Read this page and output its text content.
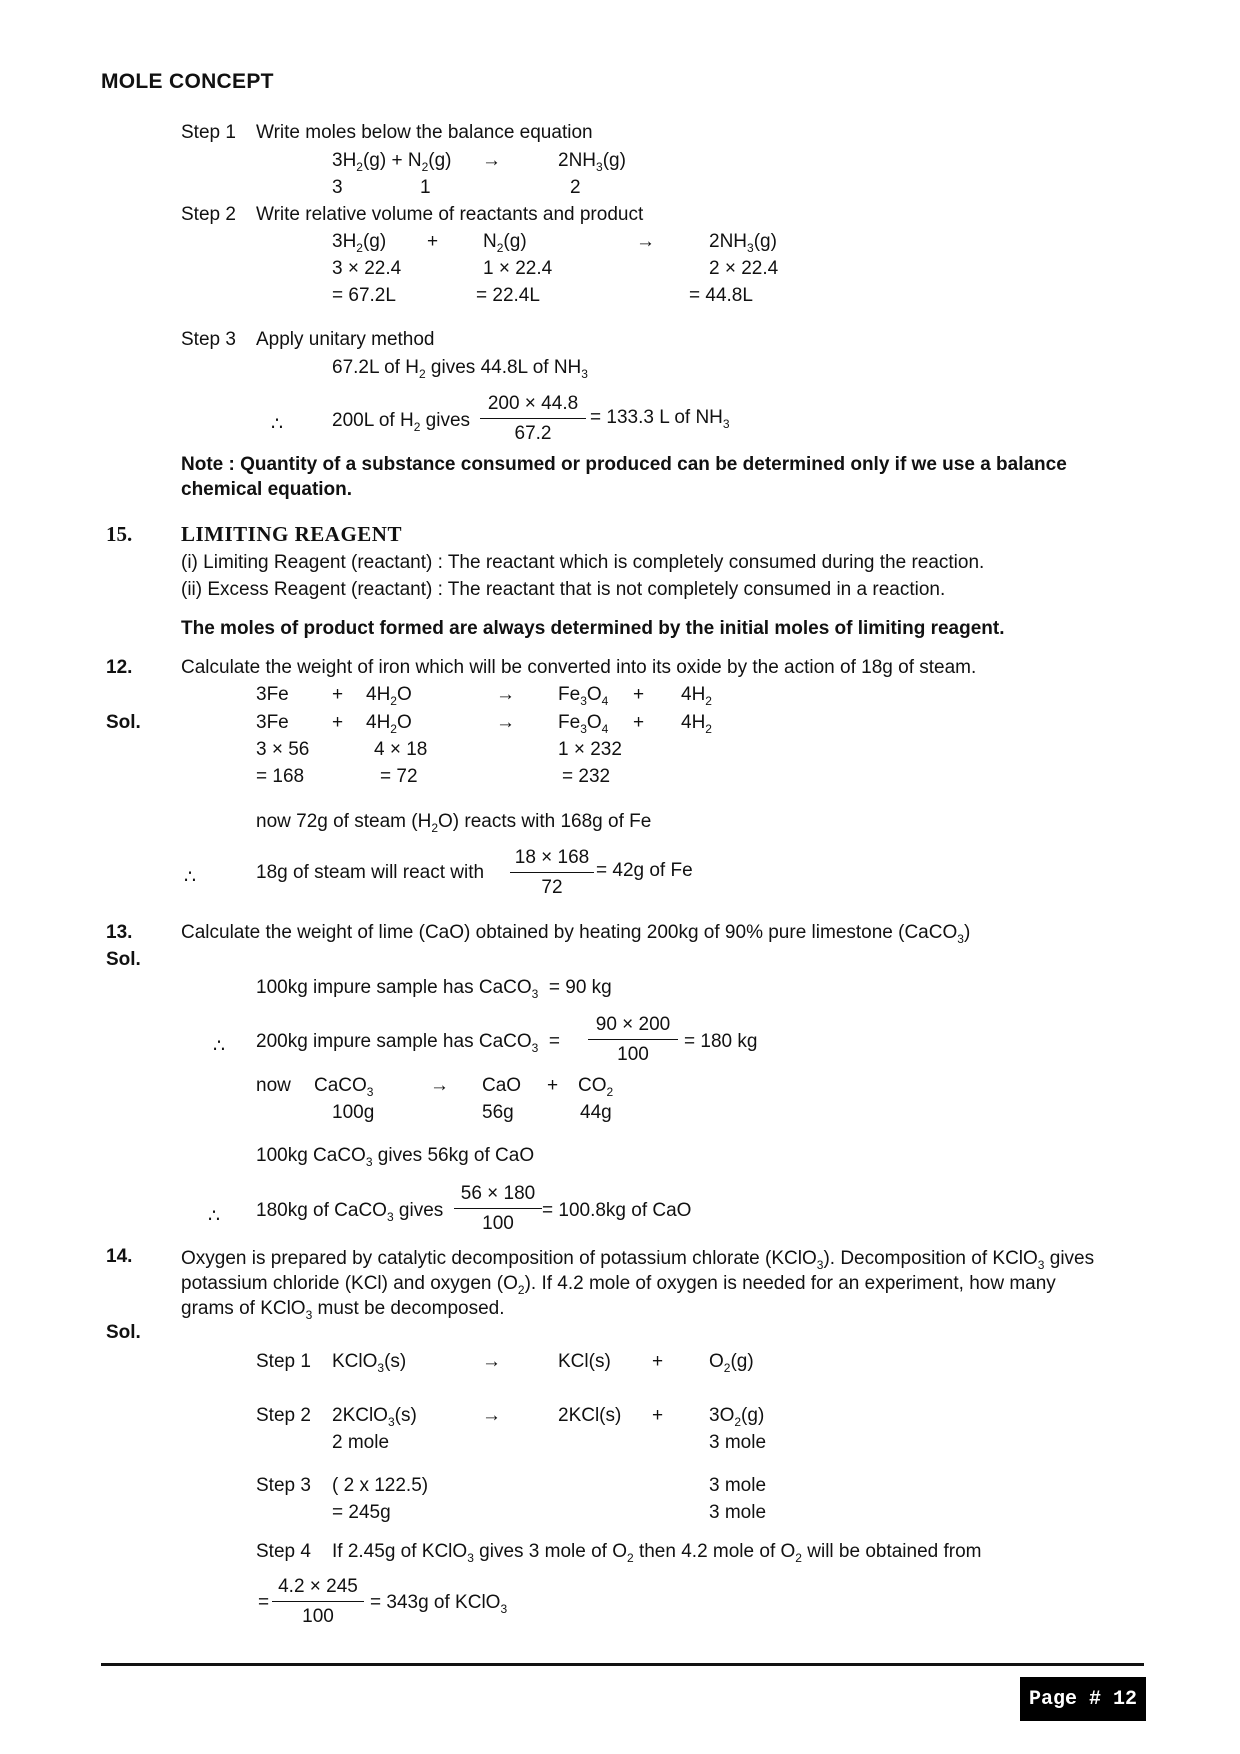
MOLE CONCEPT
Step 1 Write moles below the balance equation
$3H_2(g) + N_2(g)$ →	$2NH_3(g)$
3	1	2
Step 2 Write relative volume of reactants and product
$3H_2(g) + N_2(g)$	→	$2NH_3(g)$
3 × 22.4	1 × 22.4	2 × 22.4
= 67.2L	= 22.4L	= 44.8L
Step 3 Apply unitary method
67.2L of $H_2$ gives 44.8L of $NH_3$
∴	200L of $H_2$ gives $\frac{200 \times 44.8}{67.2} = 133.3$ L of $NH_3$
Note : Quantity of a substance consumed or produced can be determined only if we use a balance chemical equation.
15. LIMITING REAGENT
(i) Limiting Reagent (reactant) : The reactant which is completely consumed during the reaction.
(ii) Excess Reagent (reactant) : The reactant that is not completely consumed in a reaction.
The moles of product formed are always determined by the initial moles of limiting reagent.
12.	Calculate the weight of iron which will be converted into its oxide by the action of 18g of steam.
$3Fe + 4H_2O$	→ $Fe_3O_4 + 4H_2$
Sol.	$3Fe + 4H_2O$	→ $Fe_3O_4 + 4H_2$
3 × 56	4 × 18	1 × 232
= 168	= 72	= 232
now 72g of steam $(H_2O)$ reacts with 168g of Fe
∴	18g of steam will react with $\frac{18 \times 168}{72} = 42g$ of Fe
13.	Calculate the weight of lime (CaO) obtained by heating 200kg of 90% pure limestone (CaCO$_3$)
Sol.
100kg impure sample has CaCO$_3$  = 90 kg
∴ 200kg impure sample has CaCO$_3$  = $\frac{90 \times 200}{100} = 180$ kg
now CaCO$_3$	→ CaO + $CO_2$
100g	56g	44g
100kg CaCO$_3$ gives 56kg of CaO
∴ 180kg of CaCO$_3$ gives $\frac{56 \times 180}{100} = 100.8kg$ of CaO
14.	Oxygen is prepared by catalytic decomposition of potassium chlorate (KClO$_3$). Decomposition of KClO$_3$ gives
potassium chloride (KCl) and oxygen $(O_2)$. If 4.2 mole of oxygen is needed for an experiment, how many
grams of KClO$_3$ must be decomposed.
Sol.
Step 1 KClO$_3$(s)	→	$KCl(s) + O_2(g)$
Step 2 2KClO$_3$(s)	→	$2KCl(s) + 3O_2(g)$
2 mole	3 mole
Step 3 ( 2 x 122.5)	3 mole
= 245g	3 mole
Step 4 If 2.45g of KClO$_3$ gives 3 mole of $O_2$ then 4.2 mole of $O_2$ will be obtained from
= $\frac{4.2 \times 245}{100} = 343g$ of KClO$_3$
Page # 12
